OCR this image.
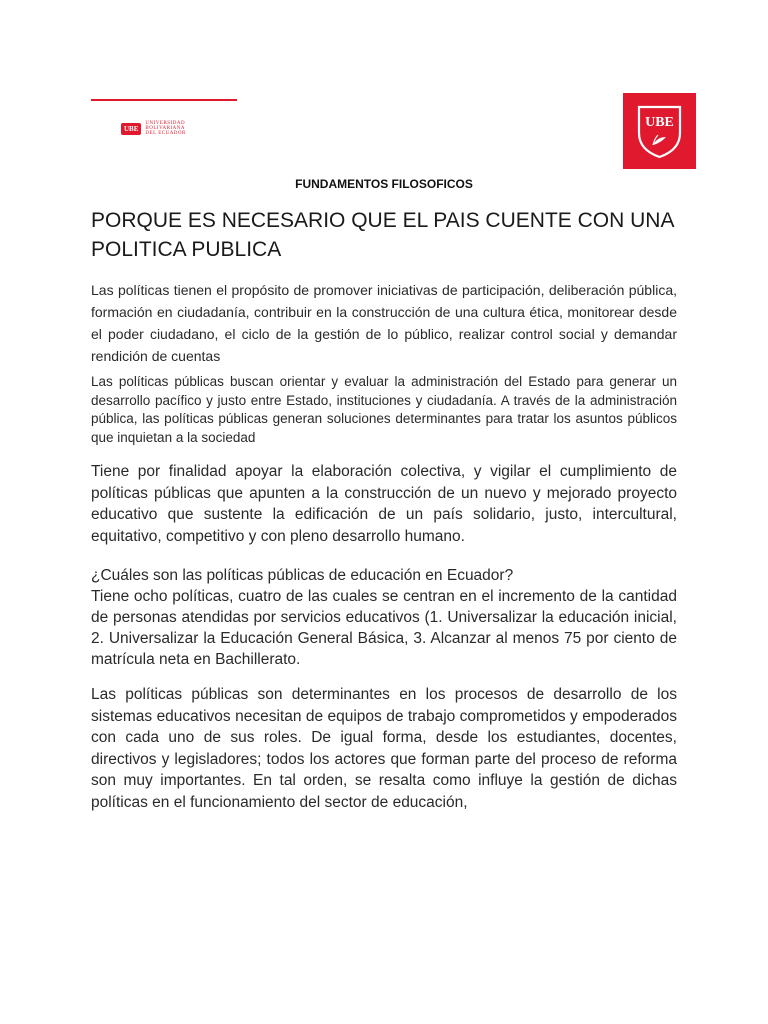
UBE
UNIVERSIDAD
BOLIVARIANA
DEL ECUADOR
UBE
FUNDAMENTOS FILOSOFICOS
PORQUE ES NECESARIO QUE EL PAIS CUENTE CON UNA POLITICA PUBLICA

Las políticas tienen el propósito de promover iniciativas de participación, deliberación pública, formación en ciudadanía, contribuir en la construcción de una cultura ética, monitorear desde el poder ciudadano, el ciclo de la gestión de lo público, realizar control social y demandar rendición de cuentas

Las políticas públicas buscan orientar y evaluar la administración del Estado para generar un desarrollo pacífico y justo entre Estado, instituciones y ciudadanía. A través de la administración pública, las políticas públicas generan soluciones determinantes para tratar los asuntos públicos que inquietan a la sociedad

Tiene por finalidad apoyar la elaboración colectiva, y vigilar el cumplimiento de políticas públicas que apunten a la construcción de un nuevo y mejorado proyecto educativo que sustente la edificación de un país solidario, justo, intercultural, equitativo, competitivo y con pleno desarrollo humano.

¿Cuáles son las políticas públicas de educación en Ecuador?
Tiene ocho políticas, cuatro de las cuales se centran en el incremento de la cantidad de personas atendidas por servicios educativos (1. Universalizar la educación inicial, 2. Universalizar la Educación General Básica, 3. Alcanzar al menos 75 por ciento de matrícula neta en Bachillerato.

Las políticas públicas son determinantes en los procesos de desarrollo de los sistemas educativos necesitan de equipos de trabajo comprometidos y empoderados con cada uno de sus roles. De igual forma, desde los estudiantes, docentes, directivos y legisladores; todos los actores que forman parte del proceso de reforma son muy importantes. En tal orden, se resalta como influye la gestión de dichas políticas en el funcionamiento del sector de educación,
